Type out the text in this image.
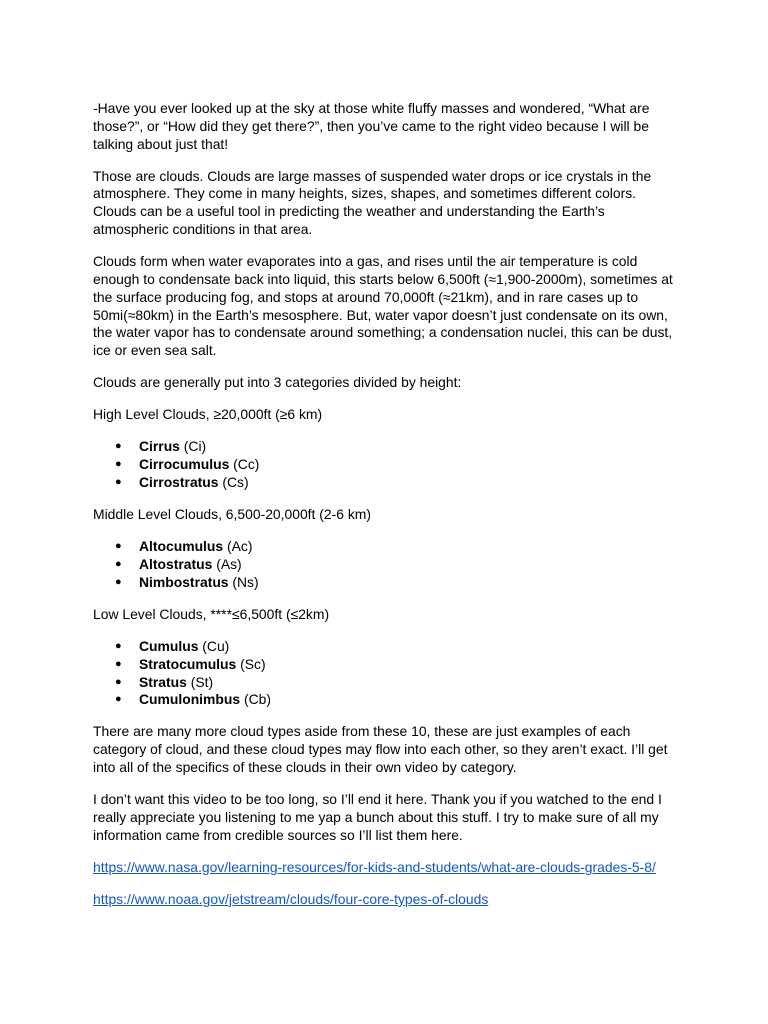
-Have you ever looked up at the sky at those white fluffy masses and wondered, “What are those?”, or “How did they get there?”, then you’ve came to the right video because I will be talking about just that!

Those are clouds. Clouds are large masses of suspended water drops or ice crystals in the atmosphere. They come in many heights, sizes, shapes, and sometimes different colors. Clouds can be a useful tool in predicting the weather and understanding the Earth’s atmospheric conditions in that area.

Clouds form when water evaporates into a gas, and rises until the air temperature is cold enough to condensate back into liquid, this starts below 6,500ft (≈1,900-2000m), sometimes at the surface producing fog, and stops at around 70,000ft (≈21km), and in rare cases up to 50mi(≈80km) in the Earth’s mesosphere. But, water vapor doesn’t just condensate on its own, the water vapor has to condensate around something; a condensation nuclei, this can be dust, ice or even sea salt.

Clouds are generally put into 3 categories divided by height:

High Level Clouds, ≥20,000ft (≥6 km)

● Cirrus (Ci)
● Cirrocumulus (Cc)
● Cirrostratus (Cs)

Middle Level Clouds, 6,500-20,000ft (2-6 km)

● Altocumulus (Ac)
● Altostratus (As)
● Nimbostratus (Ns)

Low Level Clouds, ****≤6,500ft (≤2km)

● Cumulus (Cu)
● Stratocumulus (Sc)
● Stratus (St)
● Cumulonimbus (Cb)

There are many more cloud types aside from these 10, these are just examples of each category of cloud, and these cloud types may flow into each other, so they aren’t exact. I’ll get into all of the specifics of these clouds in their own video by category.

I don’t want this video to be too long, so I’ll end it here. Thank you if you watched to the end I really appreciate you listening to me yap a bunch about this stuff. I try to make sure of all my information came from credible sources so I’ll list them here.

https://www.nasa.gov/learning-resources/for-kids-and-students/what-are-clouds-grades-5-8/

https://www.noaa.gov/jetstream/clouds/four-core-types-of-clouds
